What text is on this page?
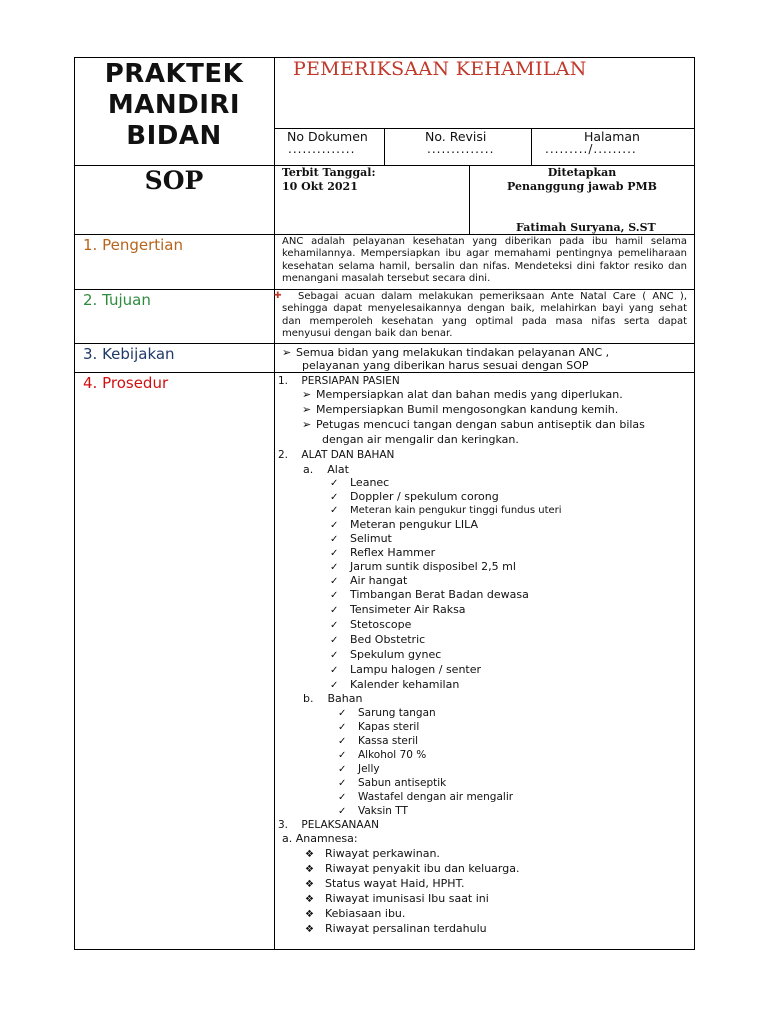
PRAKTEK
MANDIRI
BIDAN
PEMERIKSAAN KEHAMILAN
No Dokumen
..............
No. Revisi
..............
Halaman
........./.........
SOP	Terbit Tanggal:
10 Okt 2021
Ditetapkan
Penanggung jawab PMB
Fatimah Suryana, S.ST
1. Pengertian
2. Tujuan
3. Kebijakan
4. Prosedur

ANC adalah pelayanan kesehatan yang diberikan pada ibu hamil selama kehamilannya. Mempersiapkan ibu agar memahami pentingnya pemeliharaan kesehatan selama hamil, bersalin dan nifas. Mendeteksi dini faktor resiko dan menangani masalah tersebut secara dini.

✚	Sebagai acuan dalam melakukan pemeriksaan Ante Natal Care ( ANC ), sehingga dapat menyelesaikannya dengan baik, melahirkan bayi yang sehat dan memperoleh kesehatan yang optimal pada masa nifas serta dapat menyusui dengan baik dan benar.

➢ Semua bidan yang melakukan tindakan pelayanan ANC ,
pelayanan yang diberikan harus sesuai dengan SOP
1. PERSIAPAN PASIEN
➢ Mempersiapkan alat dan bahan medis yang diperlukan.
➢ Mempersiapkan Bumil mengosongkan kandung kemih.
➢ Petugas mencuci tangan dengan sabun antiseptik dan bilas
dengan air mengalir dan keringkan.
2. ALAT DAN BAHAN
a. Alat
✓ Leanec
✓ Doppler / spekulum corong
✓ Meteran kain pengukur tinggi fundus uteri
✓ Meteran pengukur LILA
✓ Selimut
✓ Reflex Hammer
✓ Jarum suntik disposibel 2,5 ml
✓ Air hangat
✓ Timbangan Berat Badan dewasa
✓ Tensimeter Air Raksa
✓ Stetoscope
✓ Bed Obstetric
✓ Spekulum gynec
✓ Lampu halogen / senter
✓ Kalender kehamilan
b. Bahan
✓ Sarung tangan
✓ Kapas steril
✓ Kassa steril
✓ Alkohol 70 %
✓ Jelly
✓ Sabun antiseptik
✓ Wastafel dengan air mengalir
✓ Vaksin TT
3. PELAKSANAAN
a. Anamnesa:
❖ Riwayat perkawinan.
❖ Riwayat penyakit ibu dan keluarga.
❖ Status wayat Haid, HPHT.
❖ Riwayat imunisasi Ibu saat ini
❖ Kebiasaan ibu.
❖ Riwayat persalinan terdahulu
